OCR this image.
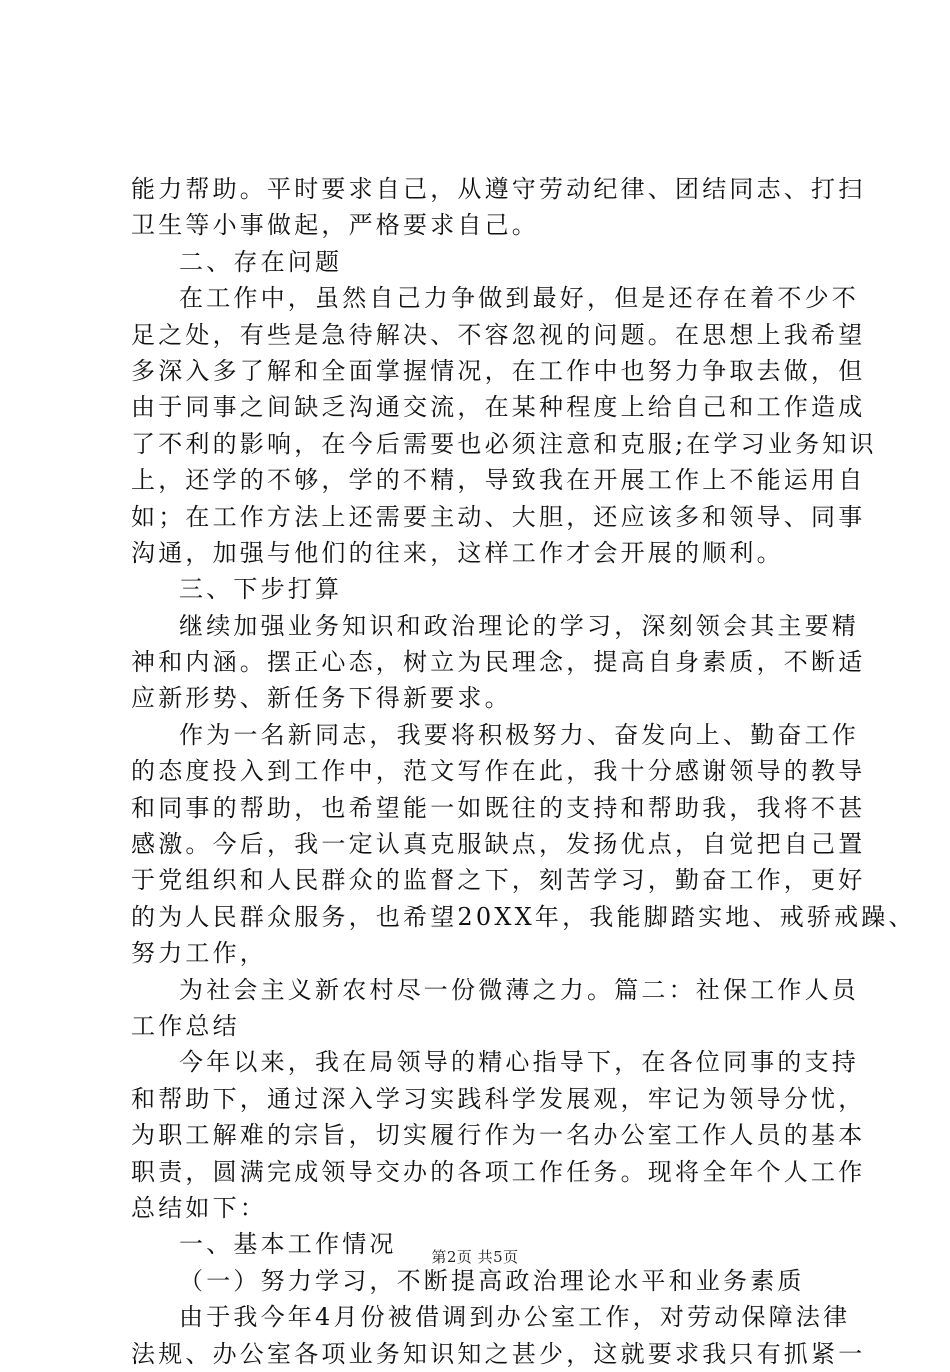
能力帮助。平时要求自己，从遵守劳动纪律、团结同志、打扫
卫生等小事做起，严格要求自己。
二、存在问题
在工作中，虽然自己力争做到最好，但是还存在着不少不
足之处，有些是急待解决、不容忽视的问题。在思想上我希望
多深入多了解和全面掌握情况，在工作中也努力争取去做，但
由于同事之间缺乏沟通交流，在某种程度上给自己和工作造成
了不利的影响，在今后需要也必须注意和克服;在学习业务知识
上，还学的不够，学的不精，导致我在开展工作上不能运用自
如；在工作方法上还需要主动、大胆，还应该多和领导、同事
沟通，加强与他们的往来，这样工作才会开展的顺利。
三、下步打算
继续加强业务知识和政治理论的学习，深刻领会其主要精
神和内涵。摆正心态，树立为民理念，提高自身素质，不断适
应新形势、新任务下得新要求。
作为一名新同志，我要将积极努力、奋发向上、勤奋工作
的态度投入到工作中，范文写作在此，我十分感谢领导的教导
和同事的帮助，也希望能一如既往的支持和帮助我，我将不甚
感激。今后，我一定认真克服缺点，发扬优点，自觉把自己置
于党组织和人民群众的监督之下，刻苦学习，勤奋工作，更好
的为人民群众服务，也希望20XX年，我能脚踏实地、戒骄戒躁、
努力工作，
为社会主义新农村尽一份微薄之力。篇二：社保工作人员
工作总结
今年以来，我在局领导的精心指导下，在各位同事的支持
和帮助下，通过深入学习实践科学发展观，牢记为领导分忧，
为职工解难的宗旨，切实履行作为一名办公室工作人员的基本
职责，圆满完成领导交办的各项工作任务。现将全年个人工作
总结如下：
一、基本工作情况
（一）努力学习，不断提高政治理论水平和业务素质
由于我今年4月份被借调到办公室工作，对劳动保障法律
法规、办公室各项业务知识知之甚少，这就要求我只有抓紧一
第2页 共5页
